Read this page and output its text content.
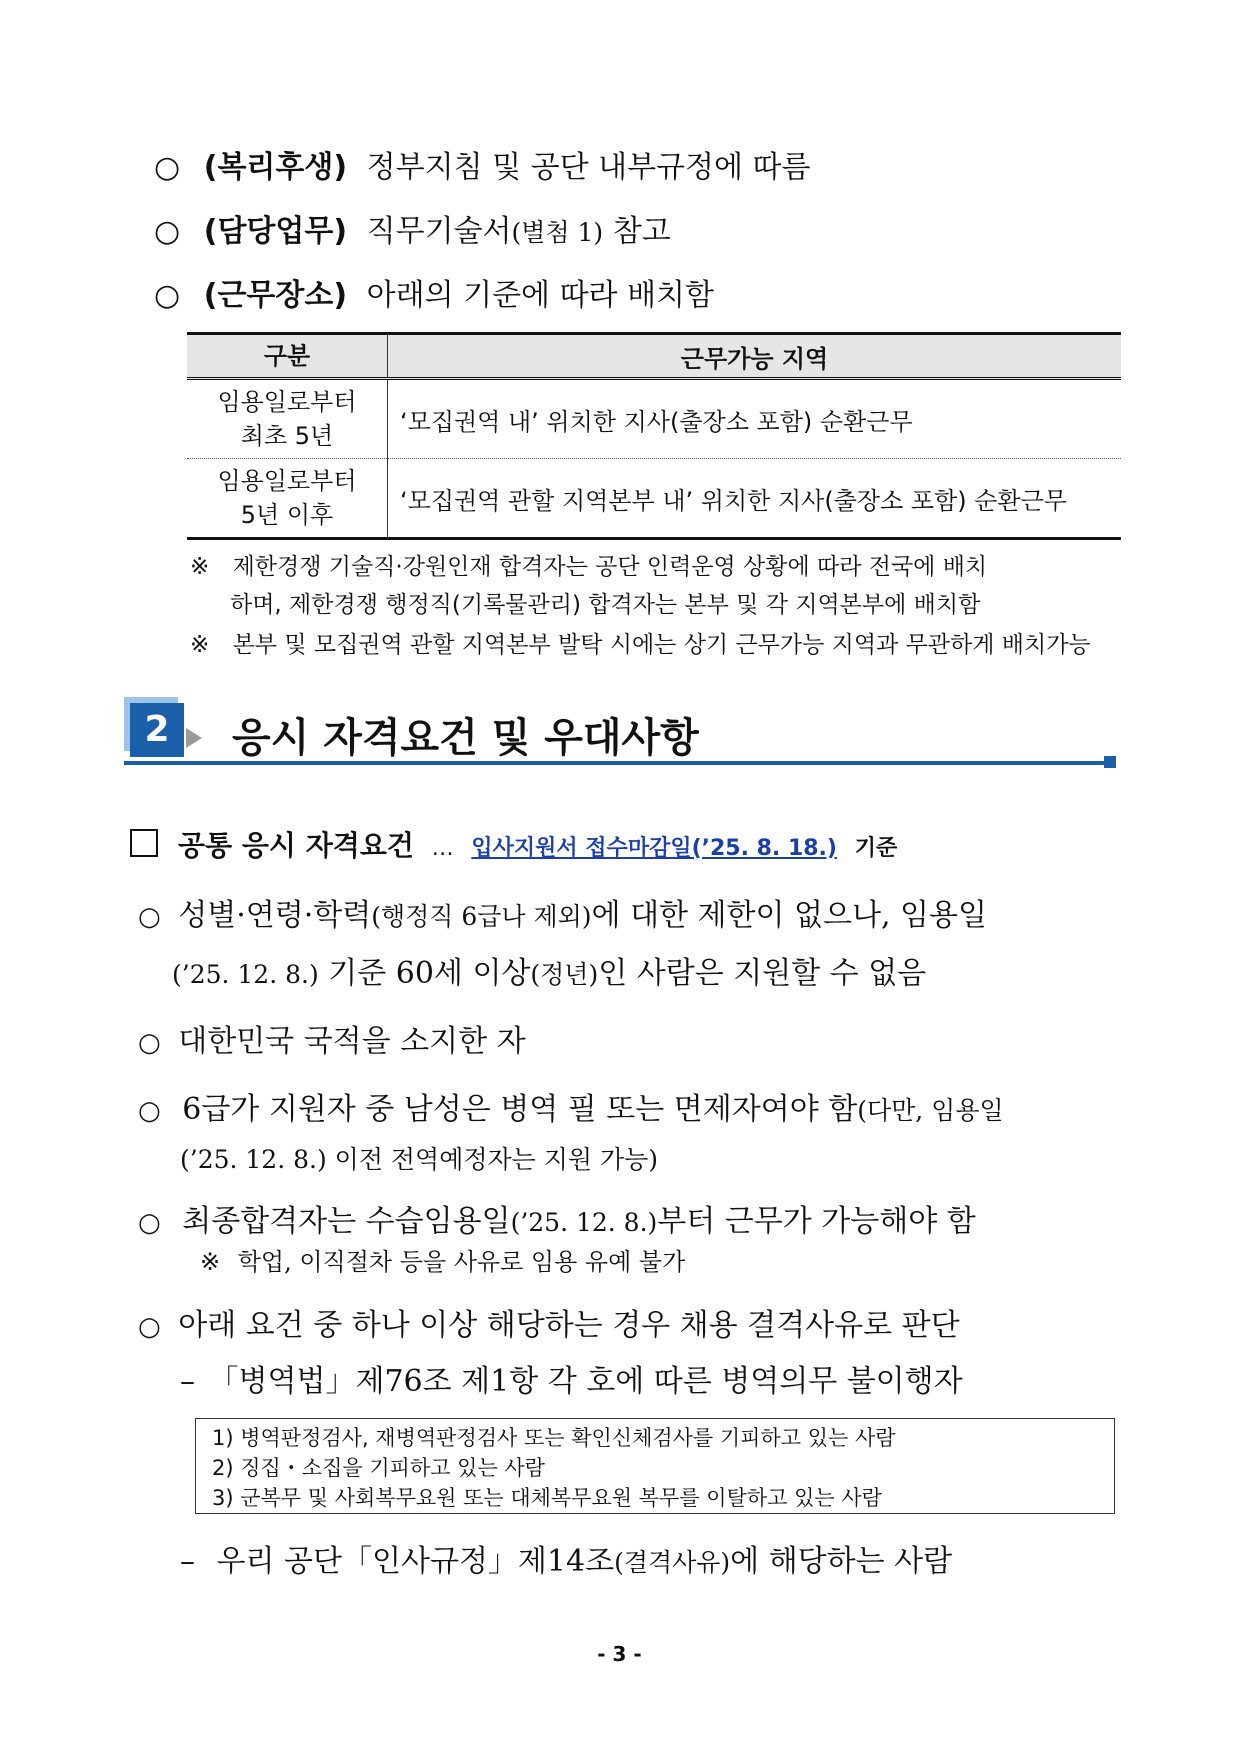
○ (복리후생) 정부지침 및 공단 내부규정에 따름
○ (담당업무) 직무기술서(별첨 1) 참고
○ (근무장소) 아래의 기준에 따라 배치함
구분	근무가능 지역

임용일로부터
최초 5년	‘모집권역 내’ 위치한 지사(출장소 포함) 순환근무

임용일로부터
5년 이후	‘모집권역 관할 지역본부 내’ 위치한 지사(출장소 포함) 순환근무
※ 제한경쟁 기술직·강원인재 합격자는 공단 인력운영 상황에 따라 전국에 배치
하며, 제한경쟁 행정직(기록물관리) 합격자는 본부 및 각 지역본부에 배치함
※ 본부 및 모집권역 관할 지역본부 발탁 시에는 상기 근무가능 지역과 무관하게 배치가능
2	응시 자격요건 및 우대사항
공통 응시 자격요건 … 입사지원서 접수마감일(’25. 8. 18.) 기준
○ 성별·연령·학력(행정직 6급나 제외)에 대한 제한이 없으나, 임용일
(’25. 12. 8.) 기준 60세 이상(정년)인 사람은 지원할 수 없음
○ 대한민국 국적을 소지한 자
○ 6급가 지원자 중 남성은 병역 필 또는 면제자여야 함(다만, 임용일
(’25. 12. 8.) 이전 전역예정자는 지원 가능)
○ 최종합격자는 수습임용일(’25. 12. 8.)부터 근무가 가능해야 함
※ 학업, 이직절차 등을 사유로 임용 유예 불가
○ 아래 요건 중 하나 이상 해당하는 경우 채용 결격사유로 판단
– 「병역법」제76조 제1항 각 호에 따른 병역의무 불이행자
1) 병역판정검사, 재병역판정검사 또는 확인신체검사를 기피하고 있는 사람
2) 징집・소집을 기피하고 있는 사람
3) 군복무 및 사회복무요원 또는 대체복무요원 복무를 이탈하고 있는 사람
– 우리 공단「인사규정」제14조(결격사유)에 해당하는 사람
- 3 -
